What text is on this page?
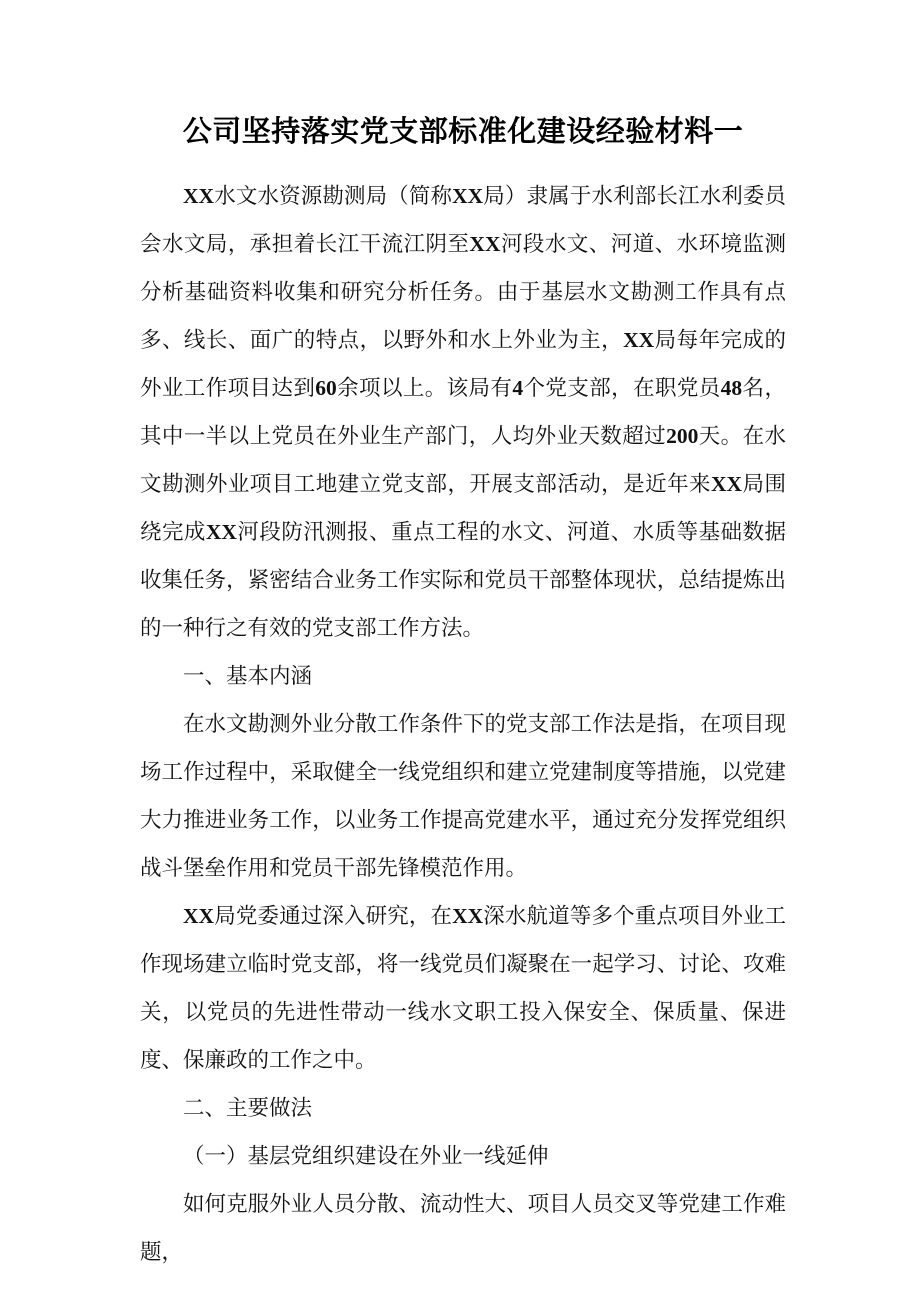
公司坚持落实党支部标准化建设经验材料一

XX水文水资源勘测局（简称XX局）隶属于水利部长江水利委员会水文局，承担着长江干流江阴至XX河段水文、河道、水环境监测分析基础资料收集和研究分析任务。由于基层水文勘测工作具有点多、线长、面广的特点，以野外和水上外业为主，XX局每年完成的外业工作项目达到60余项以上。该局有4个党支部，在职党员48名，其中一半以上党员在外业生产部门，人均外业天数超过200天。在水文勘测外业项目工地建立党支部，开展支部活动，是近年来XX局围绕完成XX河段防汛测报、重点工程的水文、河道、水质等基础数据收集任务，紧密结合业务工作实际和党员干部整体现状，总结提炼出的一种行之有效的党支部工作方法。

一、基本内涵

在水文勘测外业分散工作条件下的党支部工作法是指，在项目现场工作过程中，采取健全一线党组织和建立党建制度等措施，以党建大力推进业务工作，以业务工作提高党建水平，通过充分发挥党组织战斗堡垒作用和党员干部先锋模范作用。

XX局党委通过深入研究，在XX深水航道等多个重点项目外业工作现场建立临时党支部，将一线党员们凝聚在一起学习、讨论、攻难关，以党员的先进性带动一线水文职工投入保安全、保质量、保进度、保廉政的工作之中。

二、主要做法

（一）基层党组织建设在外业一线延伸

如何克服外业人员分散、流动性大、项目人员交叉等党建工作难题，
